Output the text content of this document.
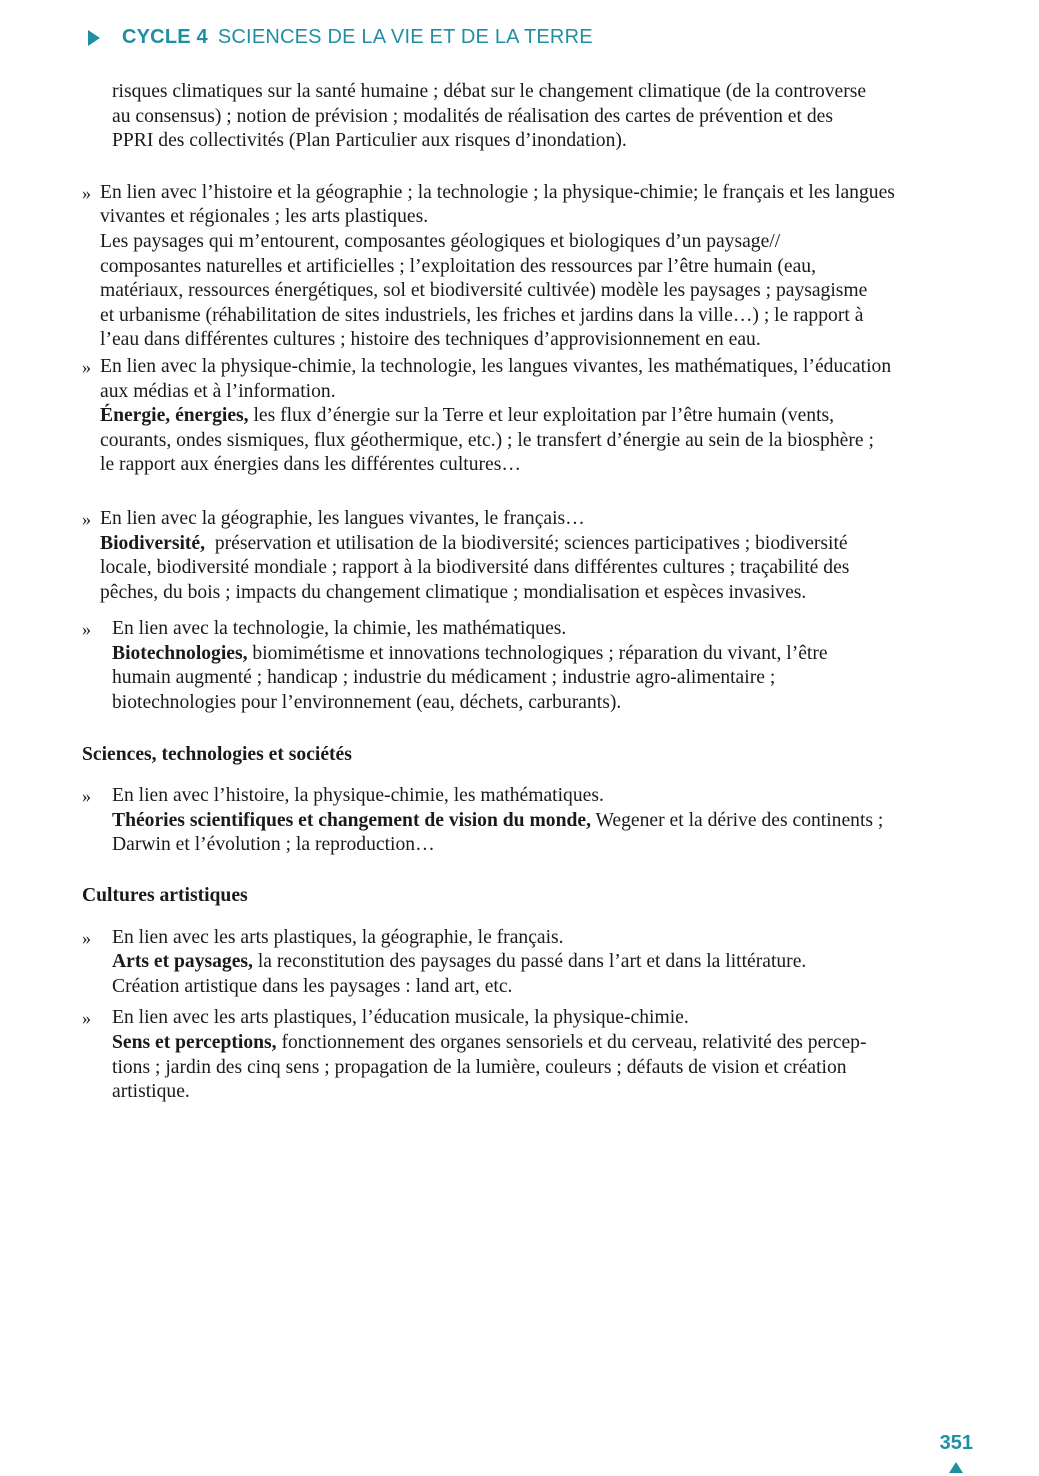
CYCLE 4 SCIENCES DE LA VIE ET DE LA TERRE
risques climatiques sur la santé humaine ; débat sur le changement climatique (de la controverse
au consensus) ; notion de prévision ; modalités de réalisation des cartes de prévention et des
PPRI des collectivités (Plan Particulier aux risques d’inondation).
» En lien avec l’histoire et la géographie ; la technologie ; la physique-chimie; le français et les langues
vivantes et régionales ; les arts plastiques.
Les paysages qui m’entourent, composantes géologiques et biologiques d’un paysage//
composantes naturelles et artificielles ; l’exploitation des ressources par l’être humain (eau,
matériaux, ressources énergétiques, sol et biodiversité cultivée) modèle les paysages ; paysagisme
et urbanisme (réhabilitation de sites industriels, les friches et jardins dans la ville…) ; le rapport à
l’eau dans différentes cultures ; histoire des techniques d’approvisionnement en eau.
» En lien avec la physique-chimie, la technologie, les langues vivantes, les mathématiques, l’éducation
aux médias et à l’information.
Énergie, énergies, les flux d’énergie sur la Terre et leur exploitation par l’être humain (vents,
courants, ondes sismiques, flux géothermique, etc.) ; le transfert d’énergie au sein de la biosphère ;
le rapport aux énergies dans les différentes cultures…
» En lien avec la géographie, les langues vivantes, le français…
Biodiversité,  préservation et utilisation de la biodiversité; sciences participatives ; biodiversité
locale, biodiversité mondiale ; rapport à la biodiversité dans différentes cultures ; traçabilité des
pêches, du bois ; impacts du changement climatique ; mondialisation et espèces invasives.
» En lien avec la technologie, la chimie, les mathématiques.
Biotechnologies, biomimétisme et innovations technologiques ; réparation du vivant, l’être
humain augmenté ; handicap ; industrie du médicament ; industrie agro-alimentaire ;
biotechnologies pour l’environnement (eau, déchets, carburants).
Sciences, technologies et sociétés
» En lien avec l’histoire, la physique-chimie, les mathématiques.
Théories scientifiques et changement de vision du monde, Wegener et la dérive des continents ;
Darwin et l’évolution ; la reproduction…
Cultures artistiques
» En lien avec les arts plastiques, la géographie, le français.
Arts et paysages, la reconstitution des paysages du passé dans l’art et dans la littérature.
Création artistique dans les paysages : land art, etc.
» En lien avec les arts plastiques, l’éducation musicale, la physique-chimie.
Sens et perceptions, fonctionnement des organes sensoriels et du cerveau, relativité des percep-
tions ; jardin des cinq sens ; propagation de la lumière, couleurs ; défauts de vision et création
artistique.
351
